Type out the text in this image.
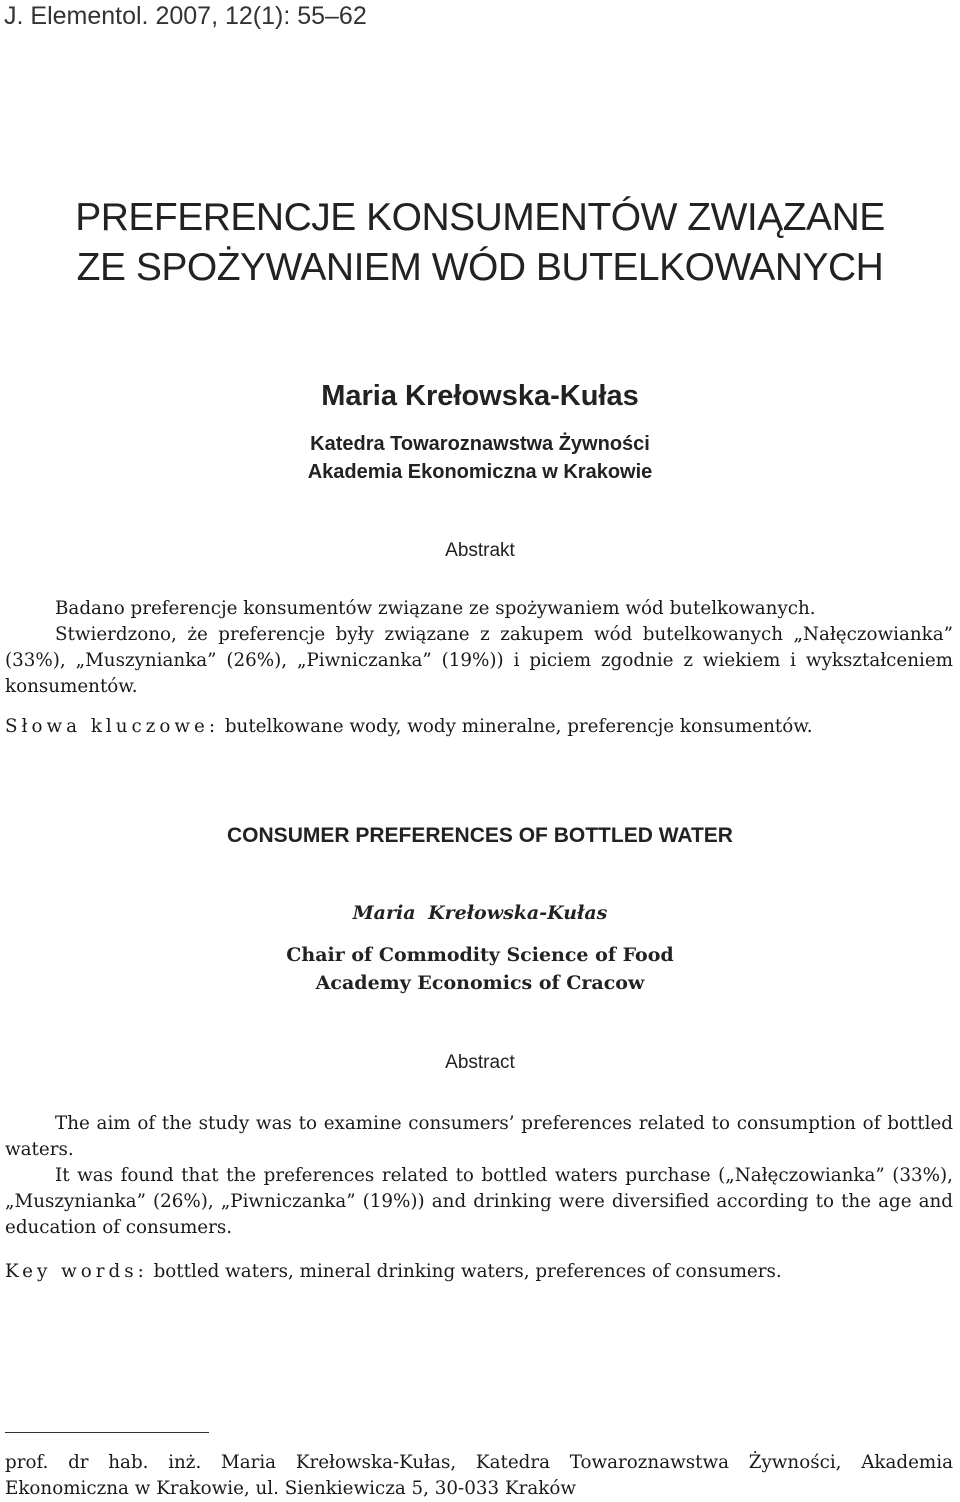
J. Elementol. 2007, 12(1): 55–62
PREFERENCJE KONSUMENTÓW ZWIĄZANE
ZE SPOŻYWANIEM WÓD BUTELKOWANYCH
Maria Krełowska-Kułas
Katedra Towaroznawstwa Żywności
Akademia Ekonomiczna w Krakowie
Abstrakt

Badano preferencje konsumentów związane ze spożywaniem wód butelkowanych.

Stwierdzono, że preferencje były związane z zakupem wód butelkowanych „Nałęczowianka” (33%), „Muszynianka” (26%), „Piwniczanka” (19%)) i piciem zgodnie z wiekiem i wykształceniem konsumentów.

Słowa kluczowe: butelkowane wody, wody mineralne, preferencje konsumentów.

CONSUMER PREFERENCES OF BOTTLED WATER
Maria Krełowska-Kułas
Chair of Commodity Science of Food
Academy Economics of Cracow
Abstract

The aim of the study was to examine consumers’ preferences related to consumption of bottled waters.

It was found that the preferences related to bottled waters purchase („Nałęczowianka” (33%), „Muszynianka” (26%), „Piwniczanka” (19%)) and drinking were diversified according to the age and education of consumers.

Key words: bottled waters, mineral drinking waters, preferences of consumers.

prof. dr hab. inż. Maria Krełowska-Kułas, Katedra Towaroznawstwa Żywności, Akademia Ekonomiczna w Krakowie, ul. Sienkiewicza 5, 30-033 Kraków
